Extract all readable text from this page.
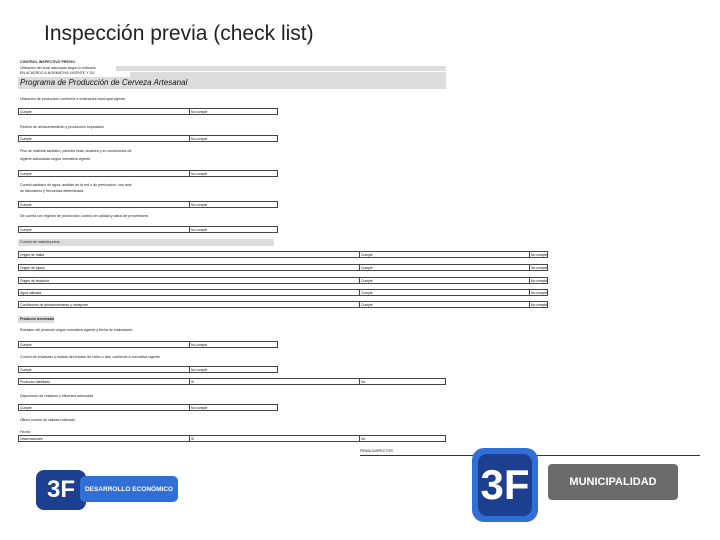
Inspección previa (check list)
CONTROL INSPECTIVO PREVIO
Ubicación del local adecuado según lo indicado
EN ACUERDO A NORMATIVA VIGENTE Y SU
Programa de Producción de Cerveza Artesanal
Ubicación de producción conforme a ordenanza municipal vigente
Cumple	No cumple
Recinto de almacenamiento y producción separados
Cumple	No cumple
Piso de material sanitario, paredes lisas, lavables y en condiciones de
higiene adecuadas según normativa vigente
Cumple	No cumple
Control sanitario de agua: análisis de la red o de perforación, con aval
de laboratorio y frecuencia determinada
Cumple	No cumple
Se cuenta con registro de producción, control de calidad y datos de proveedores
Cumple	No cumple
Control de materia prima
Origen de malta	Cumple	No cumple
Origen de lúpulo	Cumple	No cumple
Origen de levadura	Cumple	No cumple
Agua utilizada	Cumple	No cumple
Condiciones de almacenamiento y transporte	Cumple	No cumple
Producto terminado
Rotulado del producto según normativa vigente y fecha de elaboración
Cumple	No cumple
Control de envasado y estado del envase de vidrio o lata, conforme a normativa vigente
Cumple	No cumple
Productor habilitado	Sí	No
Disposición de residuos y efluentes adecuada
Cumple	No cumple
Último control de calidad realizado
Fecha
Observaciones	Sí	No
FIRMA INSPECTOR
3F	DESARROLLO ECONÓMICO	3F	MUNICIPALIDAD
